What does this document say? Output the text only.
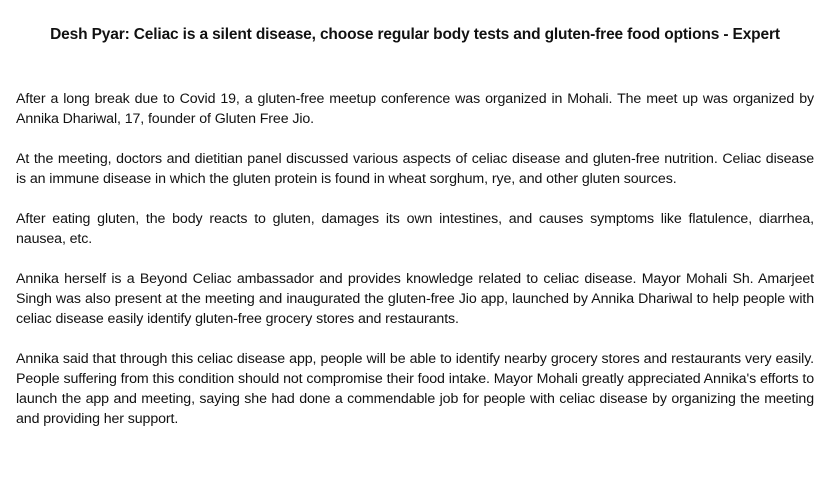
Desh Pyar: Celiac is a silent disease, choose regular body tests and gluten-free food options - Expert

After a long break due to Covid 19, a gluten-free meetup conference was organized in Mohali. The meet up was organized by Annika Dhariwal, 17, founder of Gluten Free Jio.

At the meeting, doctors and dietitian panel discussed various aspects of celiac disease and gluten-free nutrition. Celiac disease is an immune disease in which the gluten protein is found in wheat sorghum, rye, and other gluten sources.

After eating gluten, the body reacts to gluten, damages its own intestines, and causes symptoms like flatulence, diarrhea, nausea, etc.

Annika herself is a Beyond Celiac ambassador and provides knowledge related to celiac disease. Mayor Mohali Sh. Amarjeet Singh was also present at the meeting and inaugurated the gluten-free Jio app, launched by Annika Dhariwal to help people with celiac disease easily identify gluten-free grocery stores and restaurants.

Annika said that through this celiac disease app, people will be able to identify nearby grocery stores and restaurants very easily. People suffering from this condition should not compromise their food intake. Mayor Mohali greatly appreciated Annika's efforts to launch the app and meeting, saying she had done a commendable job for people with celiac disease by organizing the meeting and providing her support.
